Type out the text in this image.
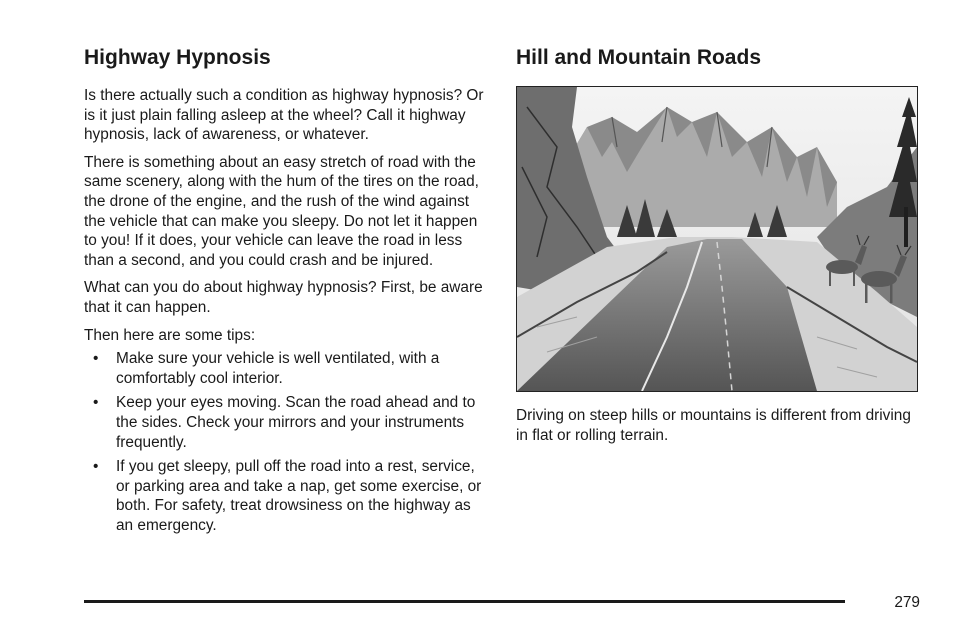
Highway Hypnosis

Is there actually such a condition as highway hypnosis? Or is it just plain falling asleep at the wheel? Call it highway hypnosis, lack of awareness, or whatever.

There is something about an easy stretch of road with the same scenery, along with the hum of the tires on the road, the drone of the engine, and the rush of the wind against the vehicle that can make you sleepy. Do not let it happen to you! If it does, your vehicle can leave the road in less than a second, and you could crash and be injured.

What can you do about highway hypnosis? First, be aware that it can happen.

Then here are some tips:

• Make sure your vehicle is well ventilated, with a comfortably cool interior.
• Keep your eyes moving. Scan the road ahead and to the sides. Check your mirrors and your instruments frequently.
• If you get sleepy, pull off the road into a rest, service, or parking area and take a nap, get some exercise, or both. For safety, treat drowsiness on the highway as an emergency.
Hill and Mountain Roads

Driving on steep hills or mountains is different from driving in flat or rolling terrain.

279
